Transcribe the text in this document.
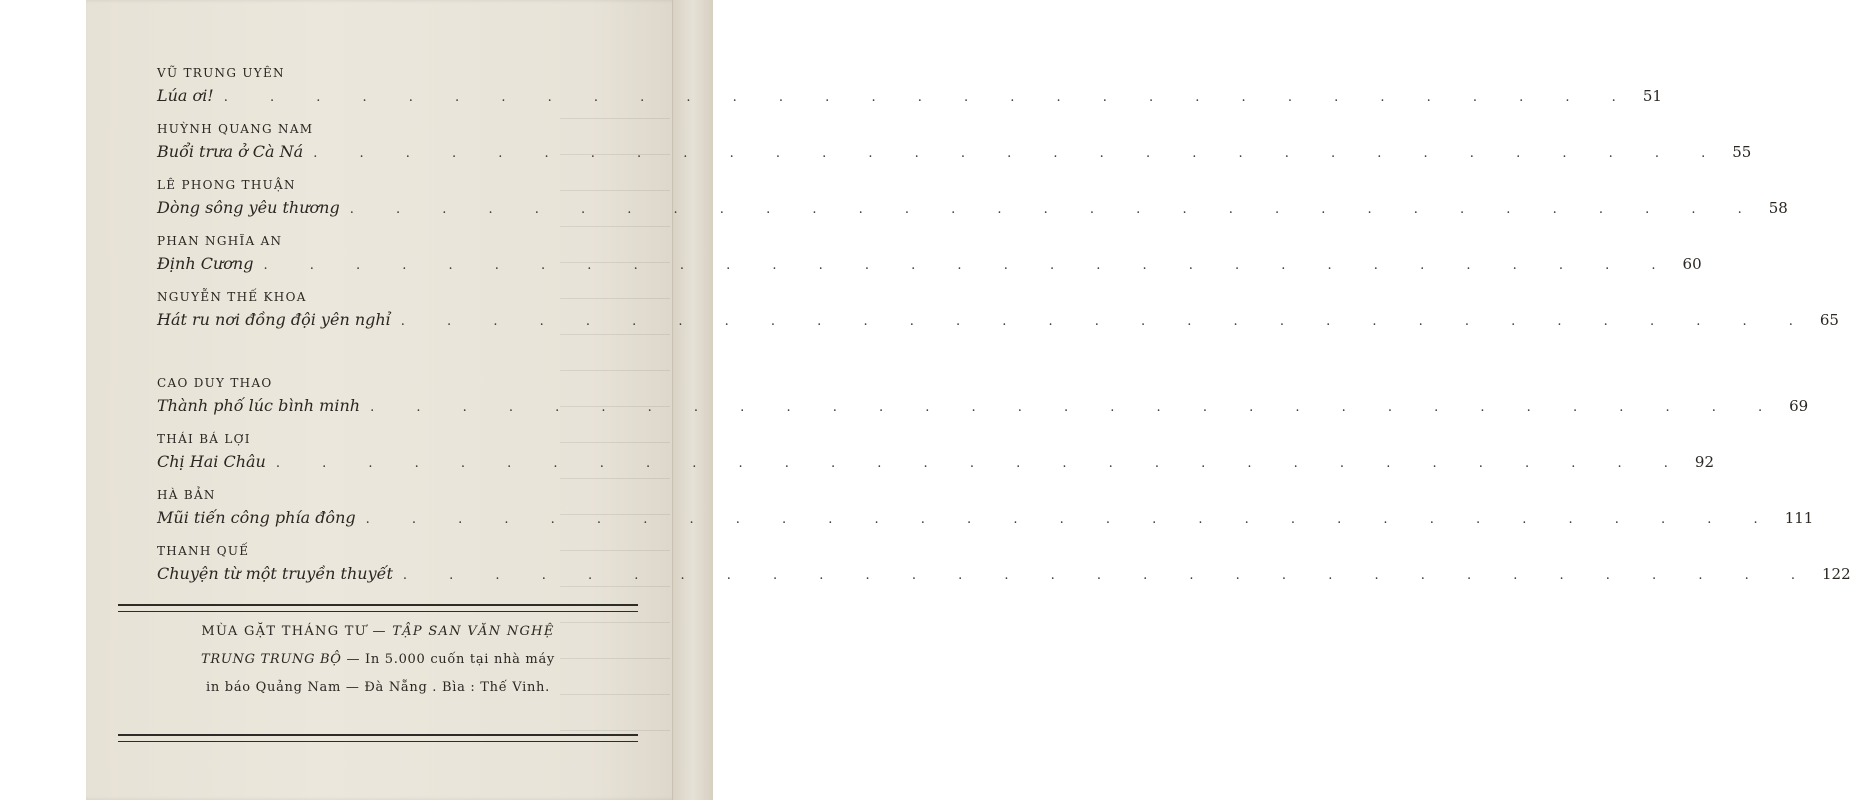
VŨ TRUNG UYÊN
Lúa ơi! . . . . . . . . . . . . . . . . . . . . . . . . . . . . . . . 51
HUỲNH QUANG NAM
Buổi trưa ở Cà Ná . . . . . . . . . . . . . . . . . . . . . . . . . . . . . . . 55
LÊ PHONG THUẬN
Dòng sông yêu thương . . . . . . . . . . . . . . . . . . . . . . . . . . . . . . . 58
PHAN NGHĨA AN
Định Cương . . . . . . . . . . . . . . . . . . . . . . . . . . . . . . . 60
NGUYỄN THẾ KHOA
Hát ru nơi đồng đội yên nghỉ . . . . . . . . . . . . . . . . . . . . . . . . . . . . . . . 65
CAO DUY THAO
Thành phố lúc bình minh . . . . . . . . . . . . . . . . . . . . . . . . . . . . . . . 69
THÁI BÁ LỢI
Chị Hai Châu . . . . . . . . . . . . . . . . . . . . . . . . . . . . . . . 92
HÀ BẢN
Mũi tiến công phía đông . . . . . . . . . . . . . . . . . . . . . . . . . . . . . . . 111
THANH QUẾ
Chuyện từ một truyền thuyết . . . . . . . . . . . . . . . . . . . . . . . . . . . . . . . 122
MÙA GẶT THÁNG TƯ — TẬP SAN VĂN NGHỆ
TRUNG TRUNG BỘ — In 5.000 cuốn tại nhà máy
in báo Quảng Nam — Đà Nẵng . Bìa : Thế Vinh.
